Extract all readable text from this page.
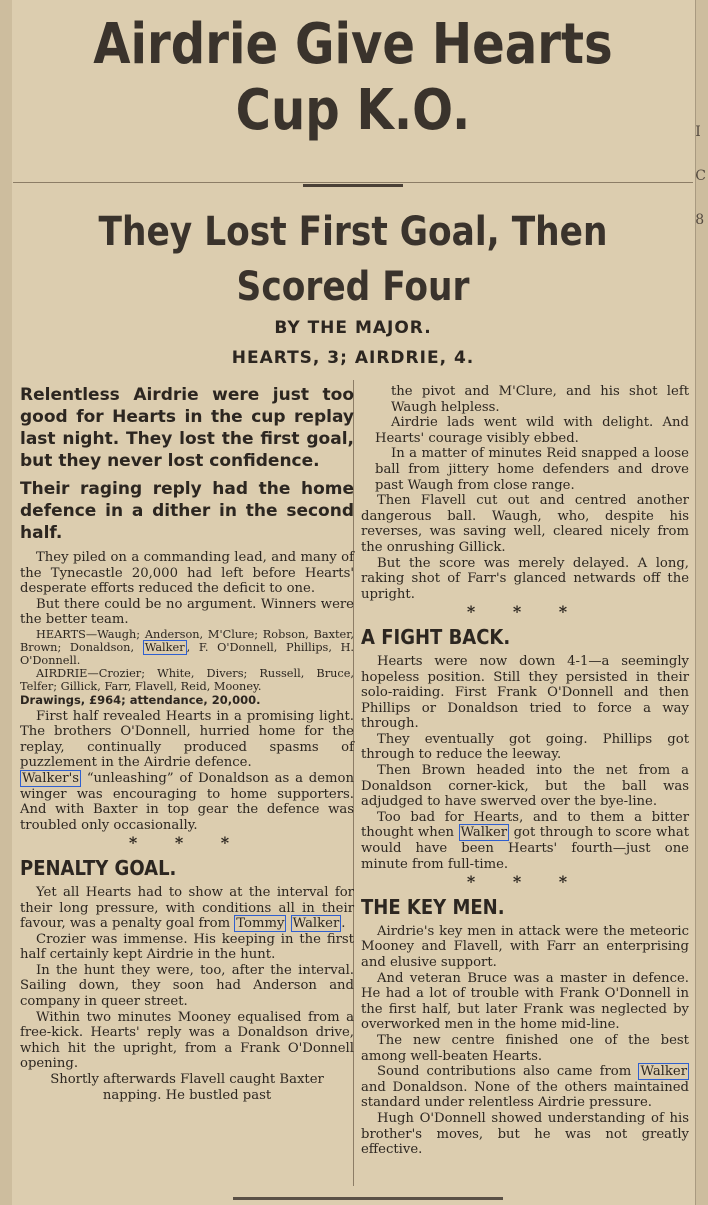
I
C
8
Airdrie Give Hearts
Cup K.O.
They Lost First Goal, Then
Scored Four
BY THE MAJOR.
HEARTS, 3; AIRDRIE, 4.

Relentless Airdrie were just too good for Hearts in the cup replay last night. They lost the first goal, but they never lost confidence.

Their raging reply had the home defence in a dither in the second half.

They piled on a commanding lead, and many of the Tynecastle 20,000 had left before Hearts' desperate efforts reduced the deficit to one.

But there could be no argument. Winners were the better team.

HEARTS—Waugh; Anderson, M'Clure; Robson, Baxter, Brown; Donaldson, Walker , F. O'Donnell, Phillips, H. O'Donnell.

AIRDRIE—Crozier; White, Divers; Russell, Bruce, Telfer; Gillick, Farr, Flavell, Reid, Mooney.

Drawings, £964; attendance, 20,000.

First half revealed Hearts in a promising light. The brothers O'Donnell, hurried home for the replay, continually produced spasms of puzzlement in the Airdrie defence.

Walker's “unleashing” of Donaldson as a demon winger was encouraging to home supporters. And with Baxter in top gear the defence was troubled only occasionally.

* * *
PENALTY GOAL.

Yet all Hearts had to show at the interval for their long pressure, with conditions all in their favour, was a penalty goal from Tommy Walker .

Crozier was immense. His keeping in the first half certainly kept Airdrie in the hunt.

In the hunt they were, too, after the interval. Sailing down, they soon had Anderson and company in queer street.

Within two minutes Mooney equalised from a free-kick. Hearts' reply was a Donaldson drive, which hit the upright, from a Frank O'Donnell opening.

Shortly afterwards Flavell caught Baxter napping. He bustled past

the pivot and M'Clure, and his shot left Waugh helpless.

Airdrie lads went wild with delight. And Hearts' courage visibly ebbed.

In a matter of minutes Reid snapped a loose ball from jittery home defenders and drove past Waugh from close range.

Then Flavell cut out and centred another dangerous ball. Waugh, who, despite his reverses, was saving well, cleared nicely from the onrushing Gillick.

But the score was merely delayed. A long, raking shot of Farr's glanced netwards off the upright.

* * *
A FIGHT BACK.

Hearts were now down 4-1—a seemingly hopeless position. Still they persisted in their solo-raiding. First Frank O'Donnell and then Phillips or Donaldson tried to force a way through.

They eventually got going. Phillips got through to reduce the leeway.

Then Brown headed into the net from a Donaldson corner-kick, but the ball was adjudged to have swerved over the bye-line.

Too bad for Hearts, and to them a bitter thought when Walker got through to score what would have been Hearts' fourth—just one minute from full-time.

* * *
THE KEY MEN.

Airdrie's key men in attack were the meteoric Mooney and Flavell, with Farr an enterprising and elusive support.

And veteran Bruce was a master in defence. He had a lot of trouble with Frank O'Donnell in the first half, but later Frank was neglected by overworked men in the home mid-line.

The new centre finished one of the best among well-beaten Hearts.

Sound contributions also came from Walker and Donaldson. None of the others maintained standard under relentless Airdrie pressure.

Hugh O'Donnell showed understanding of his brother's moves, but he was not greatly effective.
